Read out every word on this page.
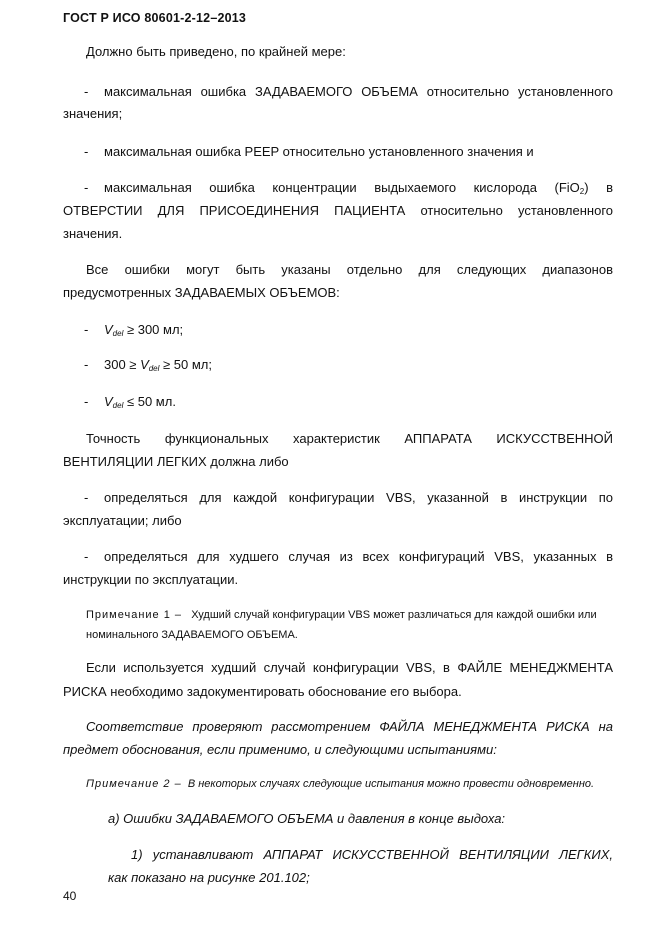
ГОСТ Р ИСО 80601-2-12–2013
Должно быть приведено, по крайней мере:
- максимальная ошибка ЗАДАВАЕМОГО ОБЪЕМА относительно установленного
значения;
- максимальная ошибка PEEP относительно установленного значения и
- максимальная ошибка концентрации выдыхаемого кислорода (FiO$_2$) в
ОТВЕРСТИИ ДЛЯ ПРИСОЕДИНЕНИЯ ПАЦИЕНТА относительно установленного
значения.
Все ошибки могут быть указаны отдельно для следующих диапазонов
предусмотренных ЗАДАВАЕМЫХ ОБЪЕМОВ:
- $V_{del} \ge 300$ мл;
- $300 \ge V_{del} \ge 50$ мл;
- $V_{del} \le 50$ мл.
Точность функциональных характеристик АППАРАТА ИСКУССТВЕННОЙ
ВЕНТИЛЯЦИИ ЛЕГКИХ должна либо
- определяться для каждой конфигурации VBS, указанной в инструкции по
эксплуатации; либо
- определяться для худшего случая из всех конфигураций VBS, указанных в
инструкции по эксплуатации.
Примечание 1 – Худший случай конфигурации VBS может различаться для каждой ошибки или
номинального ЗАДАВАЕМОГО ОБЪЕМА.
Если используется худший случай конфигурации VBS, в ФАЙЛЕ МЕНЕДЖМЕНТА
РИСКА необходимо задокументировать обоснование его выбора.
Соответствие проверяют рассмотрением ФАЙЛА МЕНЕДЖМЕНТА РИСКА на
предмет обоснования, если применимо, и следующими испытаниями:
Примечание 2 – В некоторых случаях следующие испытания можно провести одновременно.
а) Ошибки ЗАДАВАЕМОГО ОБЪЕМА и давления в конце выдоха:
1) устанавливают АППАРАТ ИСКУССТВЕННОЙ ВЕНТИЛЯЦИИ ЛЕГКИХ,
как показано на рисунке 201.102;
40
